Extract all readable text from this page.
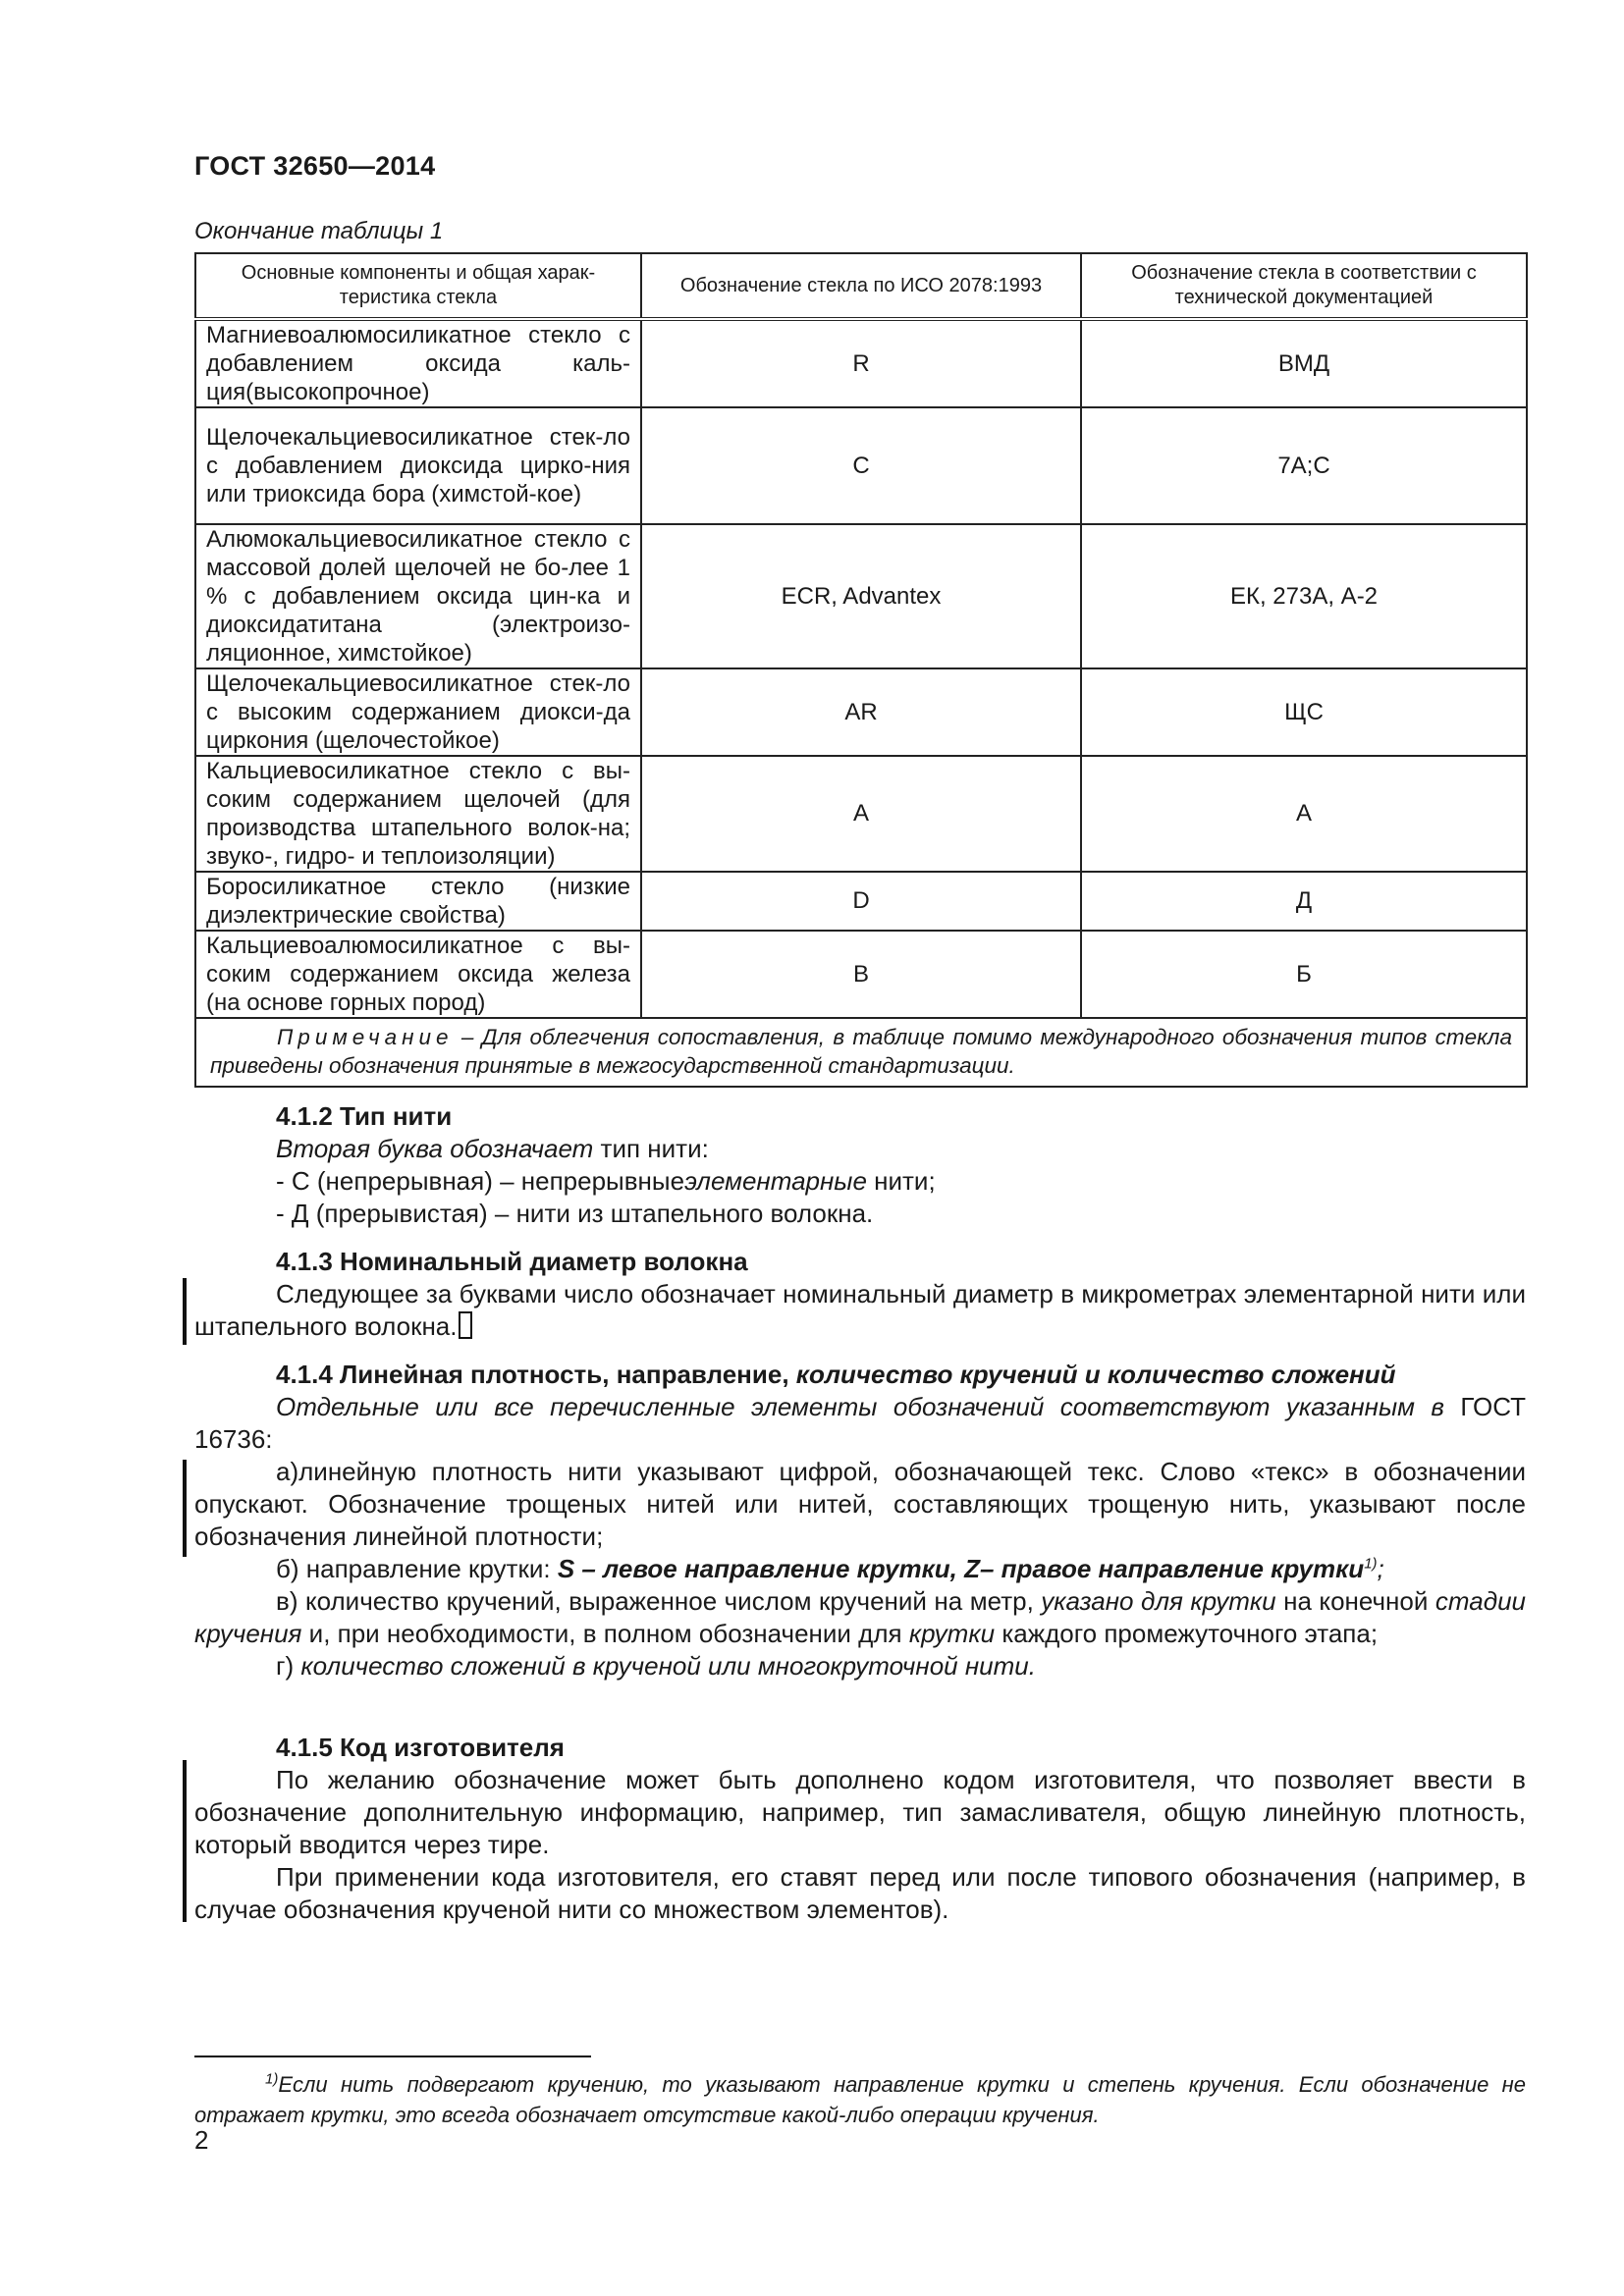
ГОСТ 32650—2014
Окончание таблицы 1
Основные компоненты и общая харак-теристика стекла	Обозначение стекла по ИСО 2078:1993	Обозначение стекла в соответствии с технической документацией
Магниевоалюмосиликатное стекло с добавлением оксида каль-ция(высокопрочное)	R	ВМД
Щелочекальциевосиликатное стек-ло с добавлением диоксида цирко-ния или триоксида бора (химстой-кое)	C	7А;С
Алюмокальциевосиликатное стекло с массовой долей щелочей не бо-лее 1 % с добавлением оксида цин-ка и диоксидатитана (электроизо-ляционное, химстойкое)	ECR, Advantex	ЕК, 273А, А-2
Щелочекальциевосиликатное стек-ло с высоким содержанием диокси-да циркония (щелочестойкое)	AR	ЩС
Кальциевосиликатное стекло с вы-соким содержанием щелочей (для производства штапельного волок-на; звуко-, гидро- и теплоизоляции)	A	А
Боросиликатное стекло (низкие диэлектрические свойства)	D	Д
Кальциевоалюмосиликатное с вы-соким содержанием оксида железа (на основе горных пород)	B	Б
Примечание – Для облегчения сопоставления, в таблице помимо международного обозначения типов стекла приведены обозначения принятые в межгосударственной стандартизации.		

4.1.2 Тип нити

Вторая буква обозначает тип нити:

- С (непрерывная) – непрерывныеэлементарные нити;

- Д (прерывистая) – нити из штапельного волокна.

4.1.3 Номинальный диаметр волокна

Следующее за буквами число обозначает номинальный диаметр в микрометрах элементарной нити или штапельного волокна.

4.1.4 Линейная плотность, направление, количество кручений и количество сложений

Отдельные или все перечисленные элементы обозначений соответствуют указанным в ГОСТ 16736:

а)линейную плотность нити указывают цифрой, обозначающей текс. Слово «текс» в обозначении опускают. Обозначение трощеных нитей или нитей, составляющих трощеную нить, указывают после обозначения линейной плотности;

б) направление крутки: S – левое направление крутки, Z– правое направление крутки$^{1)}$;

в) количество кручений, выраженное числом кручений на метр, указано для крутки на конечной стадии кручения и, при необходимости, в полном обозначении для крутки каждого промежуточного этапа;

г) количество сложений в крученой или многокруточной нити.

4.1.5 Код изготовителя

По желанию обозначение может быть дополнено кодом изготовителя, что позволяет ввести в обозначение дополнительную информацию, например, тип замасливателя, общую линейную плотность, который вводится через тире.

При применении кода изготовителя, его ставят перед или после типового обозначения (например, в случае обозначения крученой нити со множеством элементов).

$^{1)}$Если нить подвергают кручению, то указывают направление крутки и степень кручения. Если обозначение не отражает крутки, это всегда обозначает отсутствие какой-либо операции кручения.
2
